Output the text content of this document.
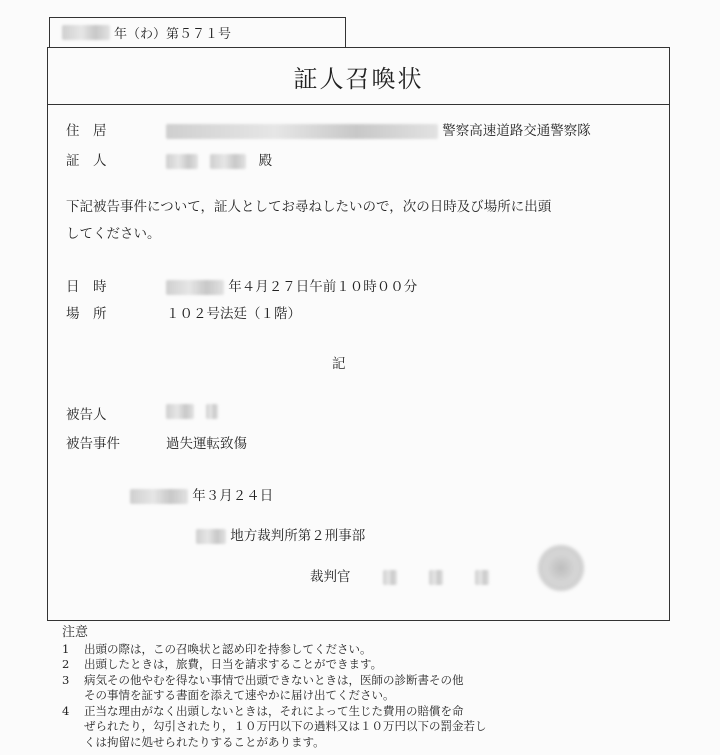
年（わ）第５７１号
証人召喚状
住　居	警察高速道路交通警察隊
証　人	殿
下記被告事件について，証人としてお尋ねしたいので，次の日時及び場所に出頭
してください。
日　時	年４月２７日午前１０時００分
場　所	１０２号法廷（１階）
記
被告人

被告事件	過失運転致傷
年３月２４日
地方裁判所第２刑事部
裁判官
注意
1	出頭の際は，この召喚状と認め印を持参してください。
2	出頭したときは，旅費，日当を請求することができます。
3	病気その他やむを得ない事情で出頭できないときは，医師の診断書その他
その事情を証する書面を添えて速やかに届け出てください。
4	正当な理由がなく出頭しないときは，それによって生じた費用の賠償を命
ぜられたり，勾引されたり，１０万円以下の過料又は１０万円以下の罰金若し
くは拘留に処せられたりすることがあります。
